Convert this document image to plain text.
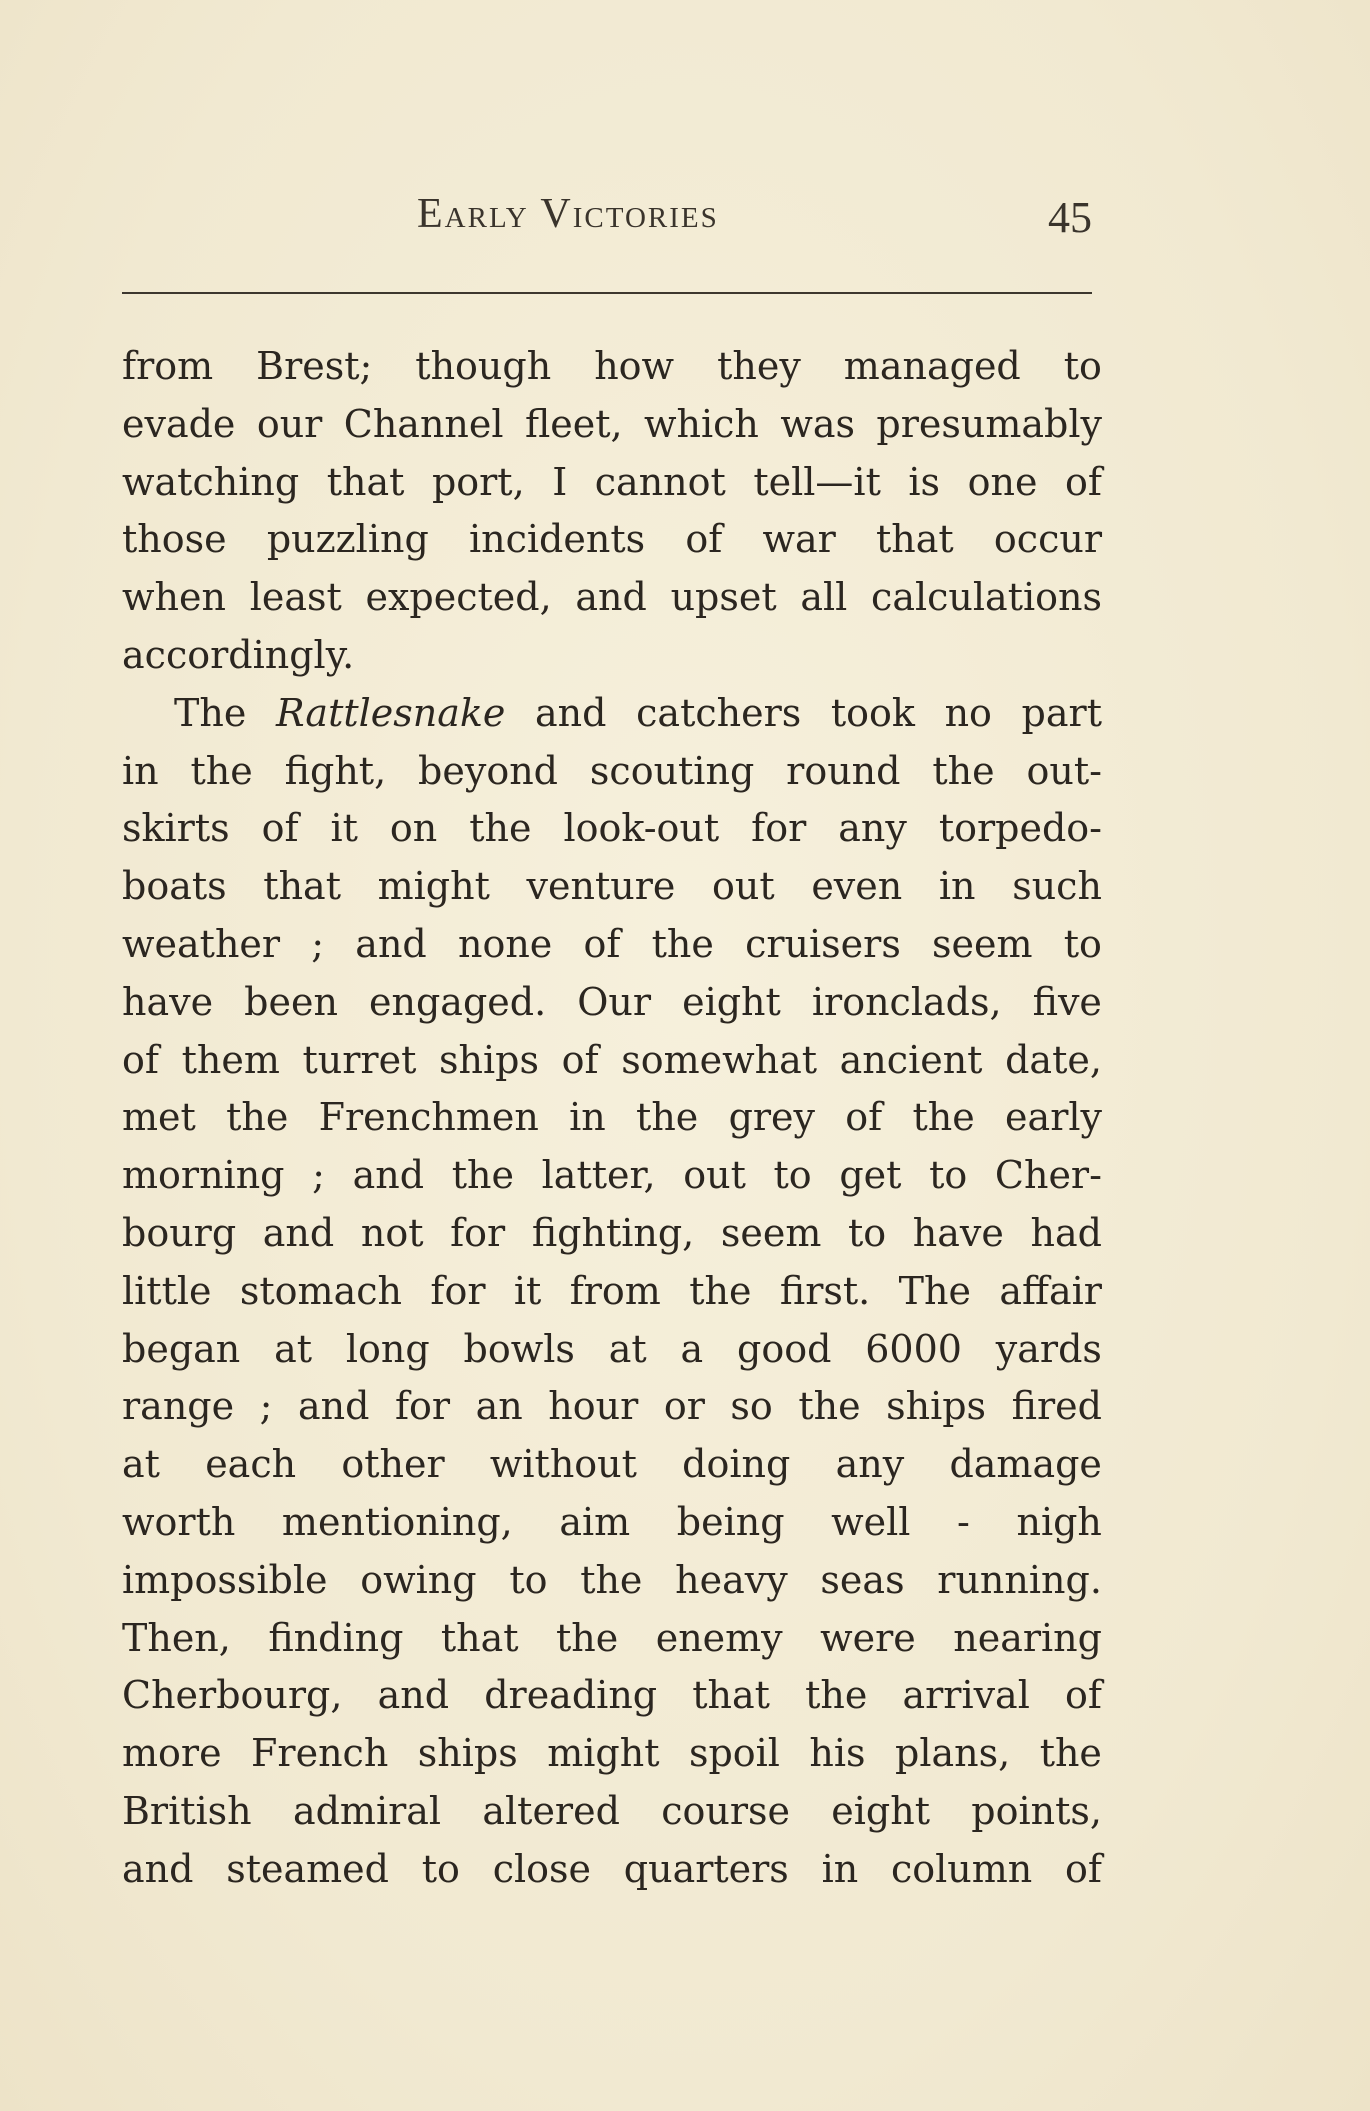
Early Victories	45
from Brest; though how they managed to
evade our Channel fleet, which was presumably
watching that port, I cannot tell—it is one of
those puzzling incidents of war that occur
when least expected, and upset all calculations
accordingly.
The Rattlesnake and catchers took no part
in the fight, beyond scouting round the out-
skirts of it on the look-out for any torpedo-
boats that might venture out even in such
weather ; and none of the cruisers seem to
have been engaged. Our eight ironclads, five
of them turret ships of somewhat ancient date,
met the Frenchmen in the grey of the early
morning ; and the latter, out to get to Cher-
bourg and not for fighting, seem to have had
little stomach for it from the first. The affair
began at long bowls at a good 6000 yards
range ; and for an hour or so the ships fired
at each other without doing any damage
worth mentioning, aim being well - nigh
impossible owing to the heavy seas running.
Then, finding that the enemy were nearing
Cherbourg, and dreading that the arrival of
more French ships might spoil his plans, the
British admiral altered course eight points,
and steamed to close quarters in column of
